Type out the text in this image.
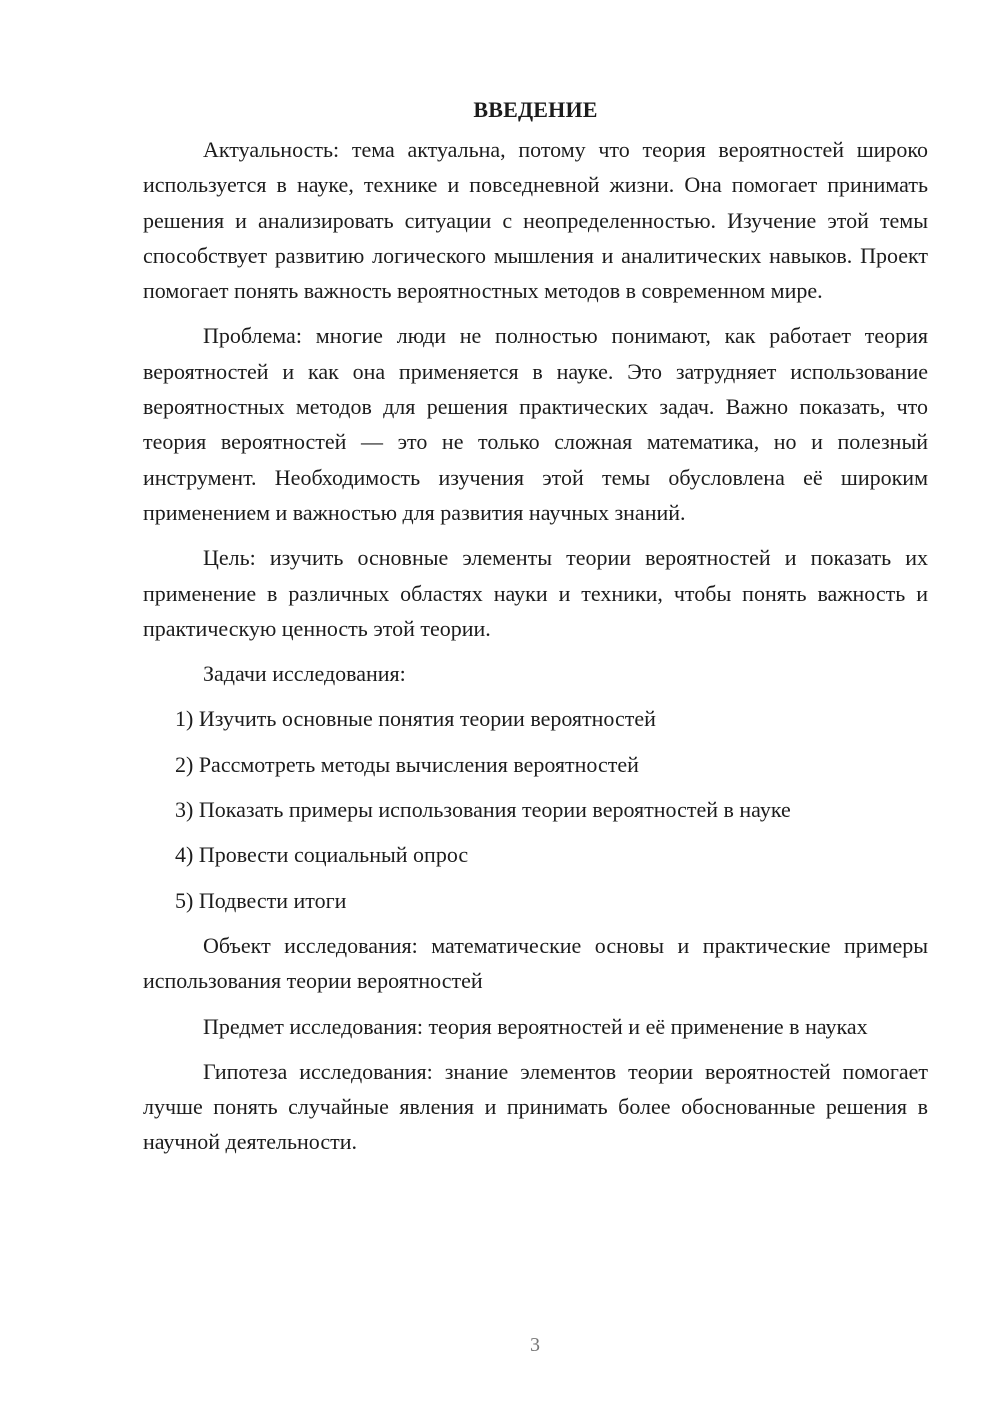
ВВЕДЕНИЕ

Актуальность: тема актуальна, потому что теория вероятностей широко используется в науке, технике и повседневной жизни. Она помогает принимать решения и анализировать ситуации с неопределенностью. Изучение этой темы способствует развитию логического мышления и аналитических навыков. Проект помогает понять важность вероятностных методов в современном мире.

Проблема: многие люди не полностью понимают, как работает теория вероятностей и как она применяется в науке. Это затрудняет использование вероятностных методов для решения практических задач. Важно показать, что теория вероятностей — это не только сложная математика, но и полезный инструмент. Необходимость изучения этой темы обусловлена её широким применением и важностью для развития научных знаний.

Цель: изучить основные элементы теории вероятностей и показать их применение в различных областях науки и техники, чтобы понять важность и практическую ценность этой теории.

Задачи исследования:

1) Изучить основные понятия теории вероятностей
2) Рассмотреть методы вычисления вероятностей
3) Показать примеры использования теории вероятностей в науке
4) Провести социальный опрос
5) Подвести итоги

Объект исследования: математические основы и практические примеры использования теории вероятностей

Предмет исследования: теория вероятностей и её применение в науках

Гипотеза исследования: знание элементов теории вероятностей помогает лучше понять случайные явления и принимать более обоснованные решения в научной деятельности.

3
